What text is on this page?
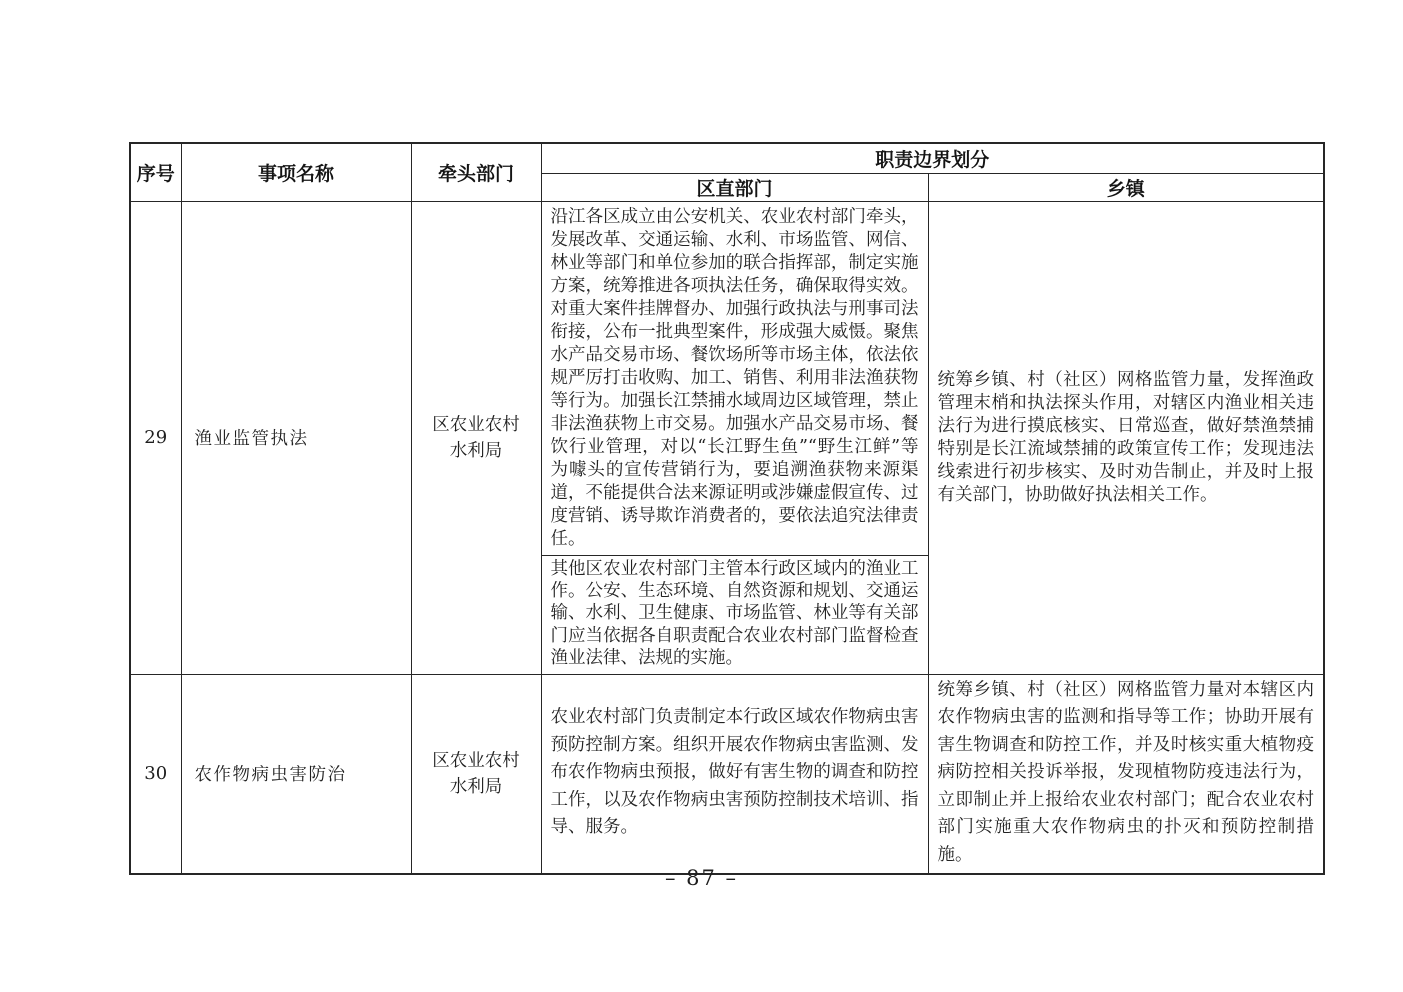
序号	事项名称	牵头部门	职责边界划分	
			区直部门	乡镇
29	渔业监管执法	区农业农村水利局	沿江各区成立由公安机关、农业农村部门牵头，发展改革、交通运输、水利、市场监管、网信、林业等部门和单位参加的联合指挥部，制定实施方案，统筹推进各项执法任务，确保取得实效。对重大案件挂牌督办、加强行政执法与刑事司法衔接，公布一批典型案件，形成强大威慑。聚焦水产品交易市场、餐饮场所等市场主体，依法依规严厉打击收购、加工、销售、利用非法渔获物等行为。加强长江禁捕水域周边区域管理，禁止非法渔获物上市交易。加强水产品交易市场、餐饮行业管理，对以“长江野生鱼”“野生江鲜”等为噱头的宣传营销行为，要追溯渔获物来源渠道，不能提供合法来源证明或涉嫌虚假宣传、过度营销、诱导欺诈消费者的，要依法追究法律责任。	统筹乡镇、村（社区）网格监管力量，发挥渔政管理末梢和执法探头作用，对辖区内渔业相关违法行为进行摸底核实、日常巡查，做好禁渔禁捕特别是长江流域禁捕的政策宣传工作；发现违法线索进行初步核实、及时劝告制止，并及时上报有关部门，协助做好执法相关工作。
			其他区农业农村部门主管本行政区域内的渔业工作。公安、生态环境、自然资源和规划、交通运输、水利、卫生健康、市场监管、林业等有关部门应当依据各自职责配合农业农村部门监督检查渔业法律、法规的实施。	
30	农作物病虫害防治	区农业农村水利局	农业农村部门负责制定本行政区域农作物病虫害预防控制方案。组织开展农作物病虫害监测、发布农作物病虫预报，做好有害生物的调查和防控工作，以及农作物病虫害预防控制技术培训、指导、服务。	统筹乡镇、村（社区）网格监管力量对本辖区内农作物病虫害的监测和指导等工作；协助开展有害生物调查和防控工作，并及时核实重大植物疫病防控相关投诉举报，发现植物防疫违法行为，立即制止并上报给农业农村部门；配合农业农村部门实施重大农作物病虫的扑灭和预防控制措施。
– 87 –
